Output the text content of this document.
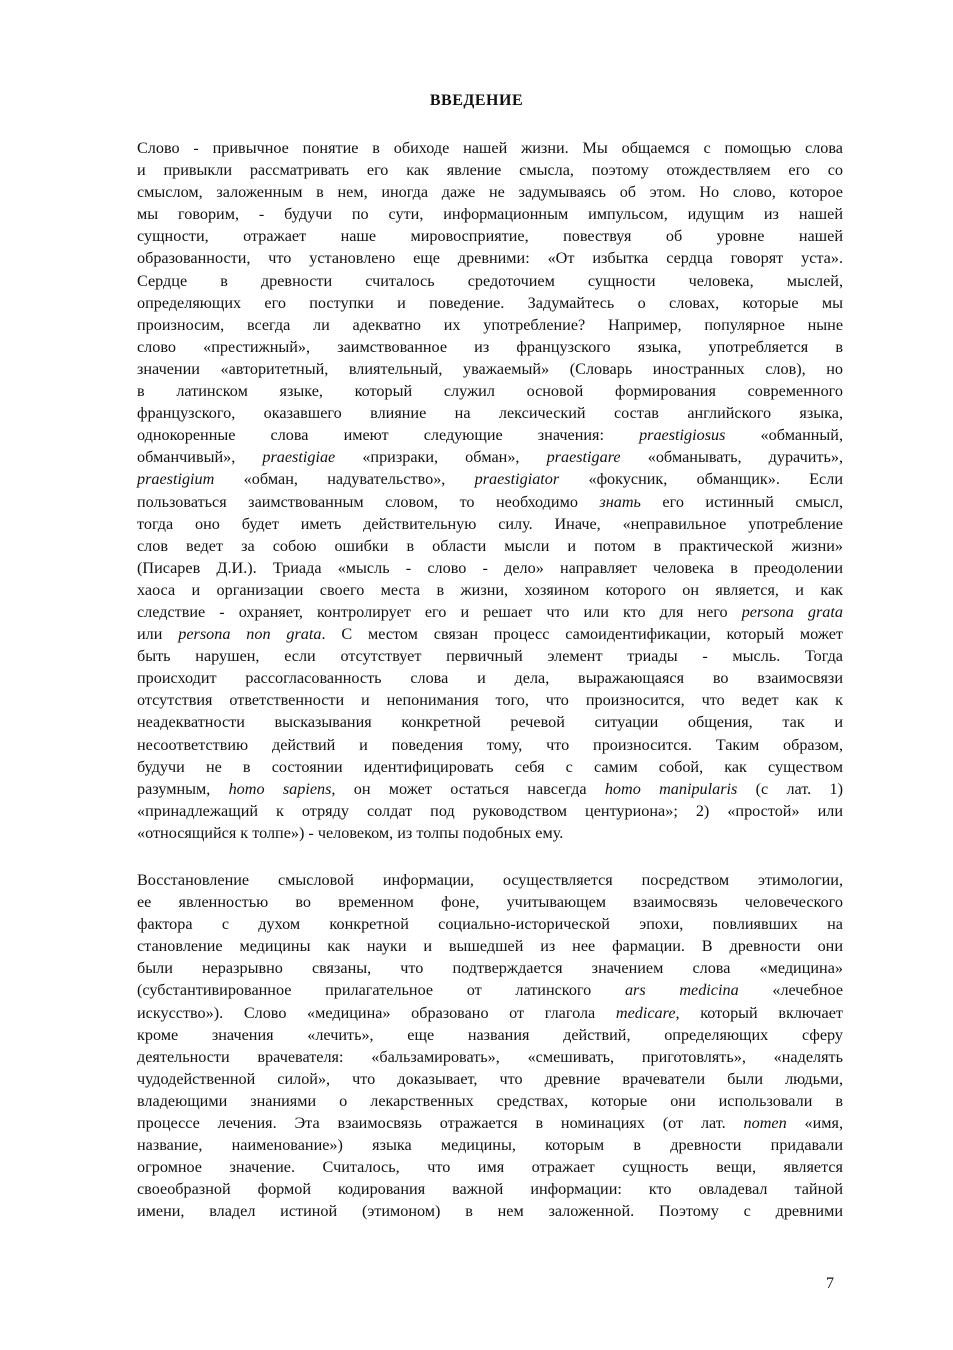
ВВЕДЕНИЕ
Слово - привычное понятие в обиходе нашей жизни. Мы общаемся с помощью слова
и привыкли рассматривать его как явление смысла, поэтому отождествляем его со
смыслом, заложенным в нем, иногда даже не задумываясь об этом. Но слово, которое
мы говорим, - будучи по сути, информационным импульсом, идущим из нашей
сущности, отражает наше мировосприятие, повествуя об уровне нашей
образованности, что установлено еще древними: «От избытка сердца говорят уста».
Сердце в древности считалось средоточием сущности человека, мыслей,
определяющих его поступки и поведение. Задумайтесь о словах, которые мы
произносим, всегда ли адекватно их употребление? Например, популярное ныне
слово «престижный», заимствованное из французского языка, употребляется в
значении «авторитетный, влиятельный, уважаемый» (Словарь иностранных слов), но
в латинском языке, который служил основой формирования современного
французского, оказавшего влияние на лексический состав английского языка,
однокоренные слова имеют следующие значения: praestigiosus «обманный,
обманчивый», praestigiae «призраки, обман», praestigare «обманывать, дурачить»,
praestigium «обман, надувательство», praestigiator «фокусник, обманщик». Если
пользоваться заимствованным словом, то необходимо знать его истинный смысл,
тогда оно будет иметь действительную силу. Иначе, «неправильное употребление
слов ведет за собою ошибки в области мысли и потом в практической жизни»
(Писарев Д.И.). Триада «мысль - слово - дело» направляет человека в преодолении
хаоса и организации своего места в жизни, хозяином которого он является, и как
следствие - охраняет, контролирует его и решает что или кто для него persona grata
или persona non grata. С местом связан процесс самоидентификации, который может
быть нарушен, если отсутствует первичный элемент триады - мысль. Тогда
происходит рассогласованность слова и дела, выражающаяся во взаимосвязи
отсутствия ответственности и непонимания того, что произносится, что ведет как к
неадекватности высказывания конкретной речевой ситуации общения, так и
несоответствию действий и поведения тому, что произносится. Таким образом,
будучи не в состоянии идентифицировать себя с самим собой, как существом
разумным, homo sapiens, он может остаться навсегда homo manipularis (с лат. 1)
«принадлежащий к отряду солдат под руководством центуриона»; 2) «простой» или
«относящийся к толпе») - человеком, из толпы подобных ему.
Восстановление смысловой информации, осуществляется посредством этимологии,
ее явленностью во временном фоне, учитывающем взаимосвязь человеческого
фактора с духом конкретной социально-исторической эпохи, повлиявших на
становление медицины как науки и вышедшей из нее фармации. В древности они
были неразрывно связаны, что подтверждается значением слова «медицина»
(субстантивированное прилагательное от латинского ars medicina «лечебное
искусство»). Слово «медицина» образовано от глагола medicare, который включает
кроме значения «лечить», еще названия действий, определяющих сферу
деятельности врачевателя: «бальзамировать», «смешивать, приготовлять», «наделять
чудодейственной силой», что доказывает, что древние врачеватели были людьми,
владеющими знаниями о лекарственных средствах, которые они использовали в
процессе лечения. Эта взаимосвязь отражается в номинациях (от лат. nomen «имя,
название, наименование») языка медицины, которым в древности придавали
огромное значение. Считалось, что имя отражает сущность вещи, является
своеобразной формой кодирования важной информации: кто овладевал тайной
имени, владел истиной (этимоном) в нем заложенной. Поэтому с древними
7
